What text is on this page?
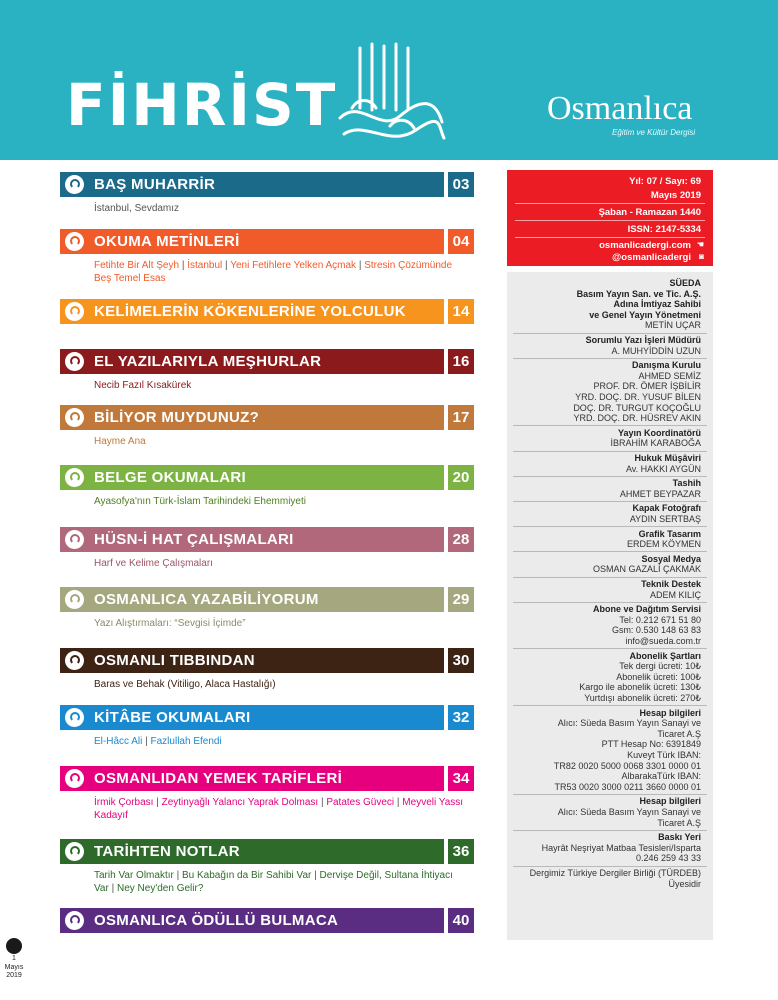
FİHRİST	Osmanlıca
Eğitim ve Kültür Dergisi
BAŞ MUHARRİR	03
İstanbul, Sevdamız
OKUMA METİNLERİ	04
Fetihte Bir Alt Şeyh | İstanbul | Yeni Fetihlere Yelken Açmak | Stresin Çözümünde Beş Temel Esas
KELİMELERİN KÖKENLERİNE YOLCULUK	14
EL YAZILARIYLA MEŞHURLAR	16
Necib Fazıl Kısakürek
BİLİYOR MUYDUNUZ?	17
Hayme Ana
BELGE OKUMALARI	20
Ayasofya'nın Türk-İslam Tarihindeki Ehemmiyeti
HÜSN-İ HAT ÇALIŞMALARI	28
Harf ve Kelime Çalışmaları
OSMANLICA YAZABİLİYORUM	29
Yazı Alıştırmaları: “Sevgisi İçimde”
OSMANLI TIBBINDAN	30
Baras ve Behak (Vitiligo, Alaca Hastalığı)
KİTÂBE OKUMALARI	32
El-Hâcc Ali | Fazlullah Efendi
OSMANLIDAN YEMEK TARİFLERİ	34
İrmik Çorbası | Zeytinyağlı Yalancı Yaprak Dolması | Patates Güveci | Meyveli Yassı Kadayıf
TARİHTEN NOTLAR	36
Tarih Var Olmaktır | Bu Kabağın da Bir Sahibi Var | Dervişe Değil, Sultana İhtiyacı Var | Ney Ney'den Gelir?
OSMANLICA ÖDÜLLÜ BULMACA	40
Yıl: 07 / Sayı: 69
Mayıs 2019
Şaban - Ramazan 1440
ISSN: 2147-5334
osmanlicadergi.com ☚
@osmanlicadergi ◙
SÜEDA
Basım Yayın San. ve Tic. A.Ş.
Adına İmtiyaz Sahibi
ve Genel Yayın Yönetmeni
METİN UÇAR
Sorumlu Yazı İşleri Müdürü
A. MUHYİDDİN UZUN
Danışma Kurulu
AHMED SEMİZ
PROF. DR. ÖMER İŞBİLİR
YRD. DOÇ. DR. YUSUF BİLEN
DOÇ. DR. TURGUT KOÇOĞLU
YRD. DOÇ. DR. HÜSREV AKIN
Yayın Koordinatörü
İBRAHİM KARABOĞA
Hukuk Müşâviri
Av. HAKKI AYGÜN
Tashih
AHMET BEYPAZAR
Kapak Fotoğrafı
AYDIN SERTBAŞ
Grafik Tasarım
ERDEM KÖYMEN
Sosyal Medya
OSMAN GAZALİ ÇAKMAK
Teknik Destek
ADEM KILIÇ
Abone ve Dağıtım Servisi
Tel: 0.212 671 51 80
Gsm: 0.530 148 63 83
info@sueda.com.tr
Abonelik Şartları
Tek dergi ücreti: 10₺
Abonelik ücreti: 100₺
Kargo ile abonelik ücreti: 130₺
Yurtdışı abonelik ücreti: 270₺
Hesap bilgileri
Alıcı: Süeda Basım Yayın Sanayi ve
Ticaret A.Ş
PTT Hesap No: 6391849
Kuveyt Türk IBAN:
TR82 0020 5000 0068 3301 0000 01
AlbarakaTürk IBAN:
TR53 0020 3000 0211 3660 0000 01
Hesap bilgileri
Alıcı: Süeda Basım Yayın Sanayi ve
Ticaret A.Ş
Baskı Yeri
Hayrât Neşriyat Matbaa Tesisleri/Isparta
0.246 259 43 33
Dergimiz Türkiye Dergiler Birliği (TÜRDEB)
Üyesidir
1
Mayıs
2019
